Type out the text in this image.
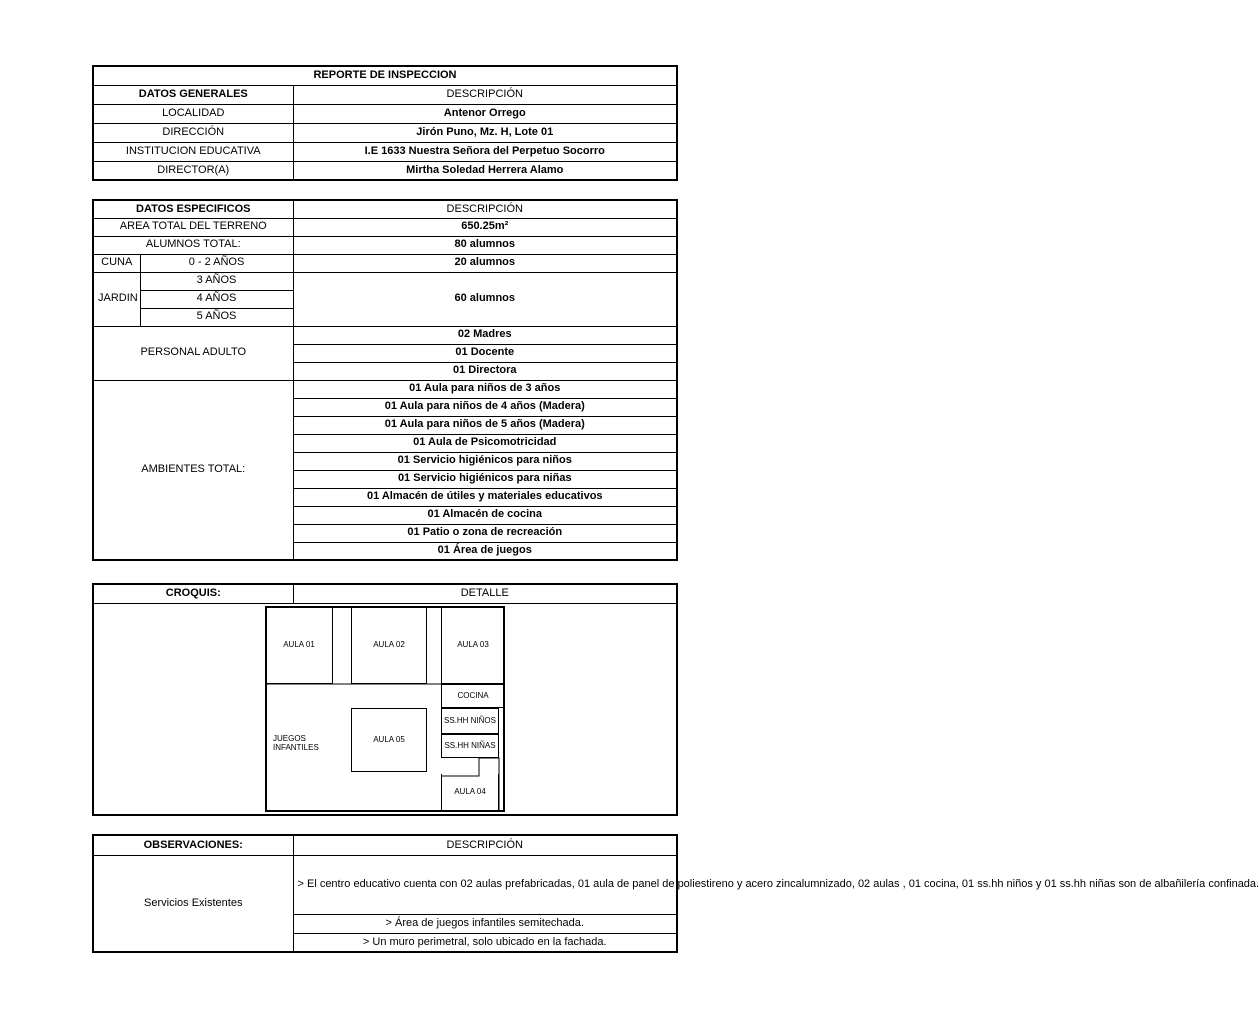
REPORTE DE INSPECCION	
DATOS GENERALES	DESCRIPCIÓN
LOCALIDAD	Antenor Orrego
DIRECCIÓN	Jirón Puno, Mz. H, Lote 01
INSTITUCION EDUCATIVA	I.E 1633 Nuestra Señora del Perpetuo Socorro
DIRECTOR(A)	Mirtha Soledad Herrera Alamo
DATOS ESPECIFICOS		DESCRIPCIÓN
AREA TOTAL DEL TERRENO		650.25m²
ALUMNOS TOTAL:		80 alumnos
CUNA	0 - 2 AÑOS	20 alumnos
JARDIN	3 AÑOS	60 alumnos
	4 AÑOS	
	5 AÑOS	
PERSONAL ADULTO		02 Madres
		01 Docente
		01 Directora
AMBIENTES TOTAL:		01 Aula para niños de 3 años
		01 Aula para niños de 4 años (Madera)
		01 Aula para niños de 5 años (Madera)
		01 Aula de Psicomotricidad
		01 Servicio higiénicos para niños
		01 Servicio higiénicos para niñas
		01 Almacén de útiles y materiales educativos
		01 Almacén de cocina
		01 Patio o zona de recreación
		01 Área de juegos
CROQUIS:	DETALLE

AULA 01	AULA 02	AULA 03
COCINA
SS.HH NIÑOS
SS.HH NIÑAS
AULA 05
AULA 04
JUEGOS
INFANTILES
OBSERVACIONES:	DESCRIPCIÓN
Servicios Existentes	> El centro educativo cuenta con 02 aulas prefabricadas, 01 aula de panel de poliestireno y acero zincalumnizado, 02 aulas , 01 cocina, 01 ss.hh niños y 01 ss.hh niñas son de albañilería confinada.
	> Área de juegos infantiles semitechada.
	> Un muro perimetral, solo ubicado en la fachada.
